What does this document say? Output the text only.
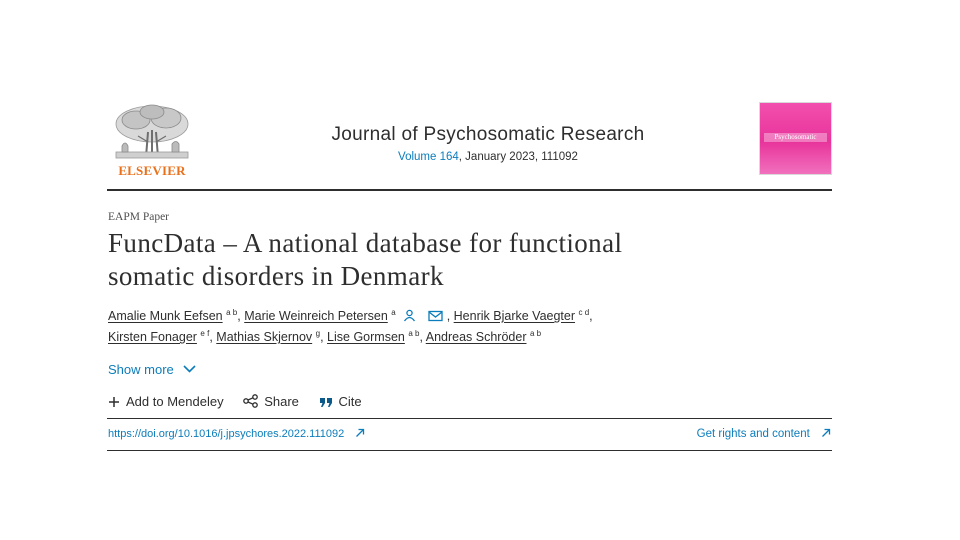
ELSEVIER
Journal of Psychosomatic Research
Volume 164, January 2023, 111092
Psychosomatic
EAPM Paper
FuncData – A national database for functional
somatic disorders in Denmark
Amalie Munk Eefsen $^{a b}$, Marie Weinreich Petersen $^a$
	, Henrik Bjarke Vaegter $^{c d}$,
Kirsten Fonager $^{e f}$, Mathias Skjernov $^g$, Lise Gormsen $^{a b}$, Andreas Schröder $^{a b}$
Show more
Add to Mendeley	Share	Cite
https://doi.org/10.1016/j.jpsychores.2022.111092	Get rights and content
